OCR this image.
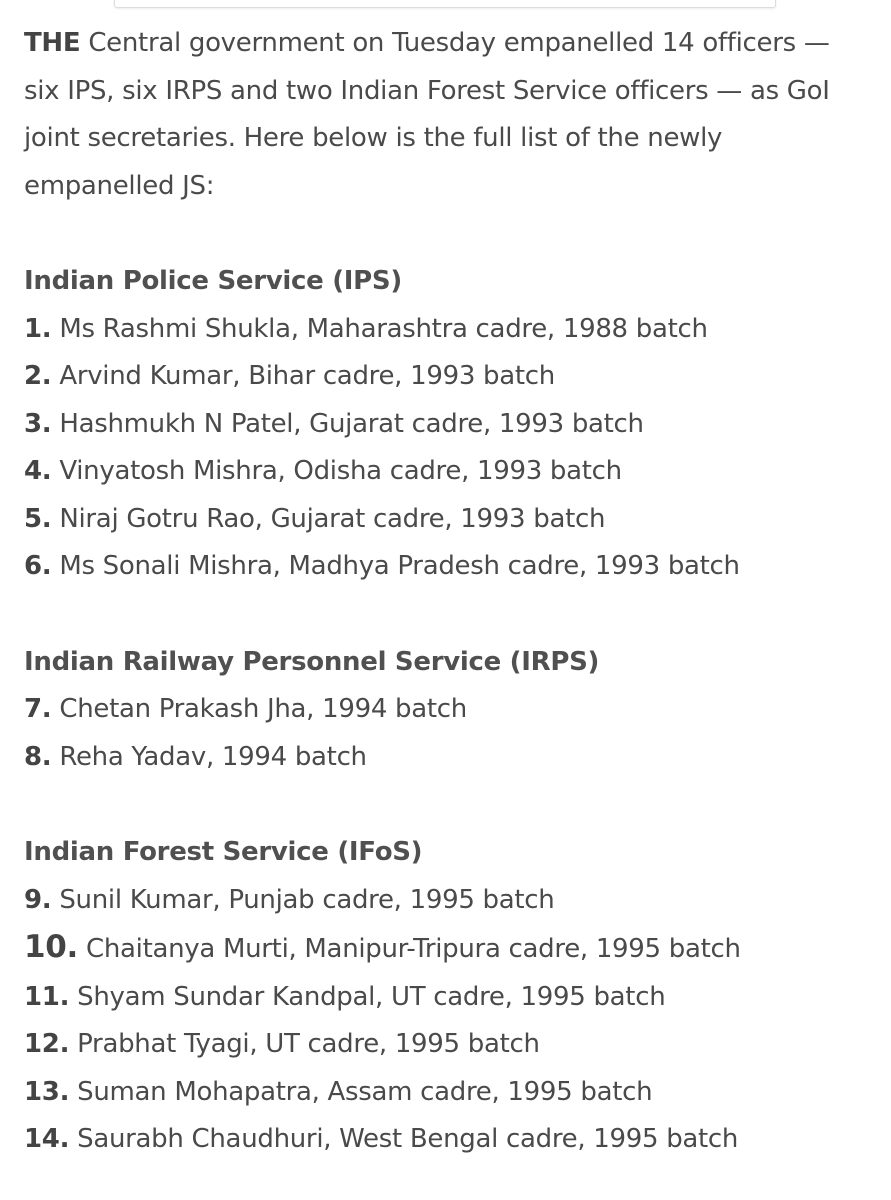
THE Central government on Tuesday empanelled 14 officers — six IPS, six IRPS and two Indian Forest Service officers — as GoI joint secretaries. Here below is the full list of the newly empanelled JS:

Indian Police Service (IPS)

1. Ms Rashmi Shukla, Maharashtra cadre, 1988 batch

2. Arvind Kumar, Bihar cadre, 1993 batch

3. Hashmukh N Patel, Gujarat cadre, 1993 batch

4. Vinyatosh Mishra, Odisha cadre, 1993 batch

5. Niraj Gotru Rao, Gujarat cadre, 1993 batch

6. Ms Sonali Mishra, Madhya Pradesh cadre, 1993 batch

Indian Railway Personnel Service (IRPS)

7. Chetan Prakash Jha, 1994 batch

8. Reha Yadav, 1994 batch

Indian Forest Service (IFoS)

9. Sunil Kumar, Punjab cadre, 1995 batch

10. Chaitanya Murti, Manipur-Tripura cadre, 1995 batch

11. Shyam Sundar Kandpal, UT cadre, 1995 batch

12. Prabhat Tyagi, UT cadre, 1995 batch

13. Suman Mohapatra, Assam cadre, 1995 batch

14. Saurabh Chaudhuri, West Bengal cadre, 1995 batch
